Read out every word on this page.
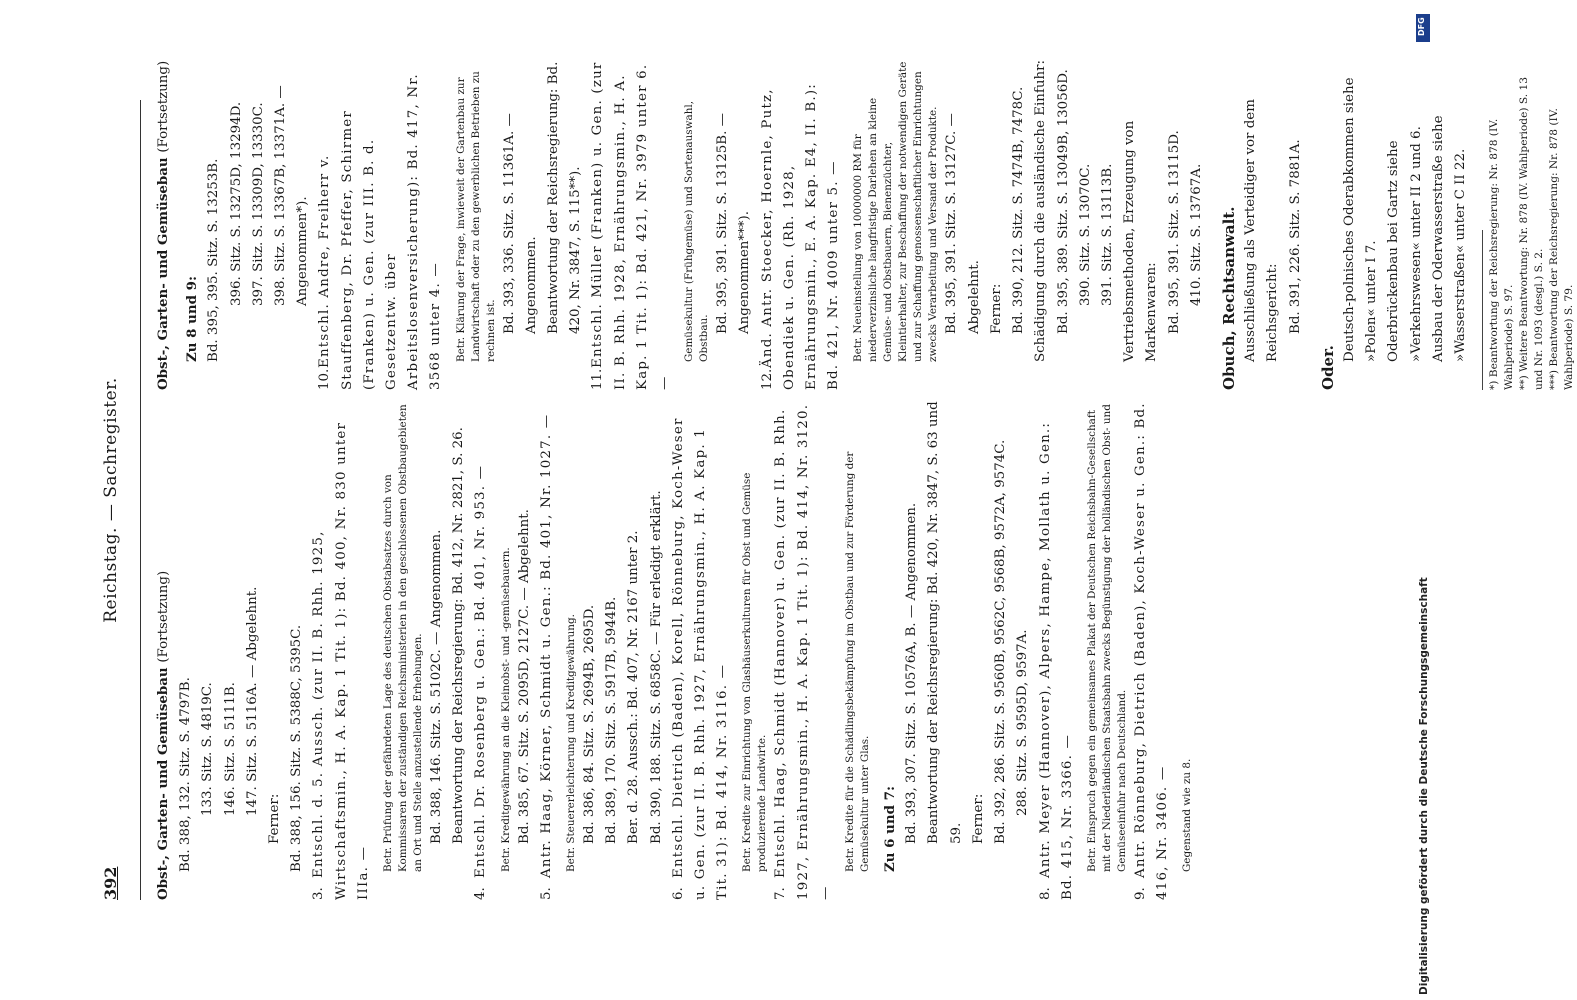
392
Reichstag. — Sachregister.
Obst-, Garten- und Gemüsebau (Fortsetzung)
Bd. 388, 132. Sitz. S. 4797B. 133. Sitz. S. 4819C. 146. Sitz. S. 5111B. 147. Sitz. S. 5116A. — Abgelehnt.
Ferner: Bd. 388, 156. Sitz. S. 5388C, 5395C.
3.Entschl. d. 5. Aussch. (zur II. B. Rhh. 1925, Wirtschaftsmin., H. A. Kap. 1 Tit. 1): Bd. 400, Nr. 830 unter IIIa. —
Betr. Prüfung der gefährdeten Lage des deutschen Obstabsatzes durch von Kommissaren der zuständigen Reichsministerien in den geschlossenen Obstbaugebieten an Ort und Stelle anzustellende Erhebungen. Bd. 388, 146. Sitz. S. 5102C. — Angenommen. Beantwortung der Reichsregierung: Bd. 412, Nr. 2821, S. 26.
4.Entschl. Dr. Rosenberg u. Gen.: Bd. 401, Nr. 953. —	Betr. Kreditgewährung an die Kleinobst- und -gemüsebauern. Bd. 385, 67. Sitz. S. 2095D, 2127C. — Abgelehnt.
5.Antr. Haag, Körner, Schmidt u. Gen.: Bd. 401, Nr. 1027. —	Betr. Steuererleichterung und Kreditgewährung. Bd. 386, 84. Sitz. S. 2694B, 2695D. Bd. 389, 170. Sitz. S. 5917B, 5944B. Ber. d. 28. Aussch.: Bd. 407, Nr. 2167 unter 2. Bd. 390, 188. Sitz. S. 6858C. — Für erledigt erklärt.
6.Entschl. Dietrich (Baden), Korell, Rönneburg, Koch-Weser u. Gen. (zur II. B. Rhh. 1927, Ernährungsmin., H. A. Kap. 1 Tit. 31): Bd. 414, Nr. 3116. —	Betr. Kredite zur Einrichtung von Glashäuserkulturen für Obst und Gemüse produzierende Landwirte.
7.Entschl. Haag, Schmidt (Hannover) u. Gen. (zur II. B. Rhh. 1927, Ernährungsmin., H. A. Kap. 1 Tit. 1): Bd. 414, Nr. 3120. —
Betr. Kredite für die Schädlingsbekämpfung im Obstbau und zur Förderung der Gemüsekultur unter Glas. Zu 6 und 7: Bd. 393, 307. Sitz. S. 10576A, B. — Angenommen. Beantwortung der Reichsregierung: Bd. 420, Nr. 3847, S. 63 und 59. Ferner: Bd. 392, 286. Sitz. S. 9560B, 9562C, 9568B, 9572A, 9574C. 288. Sitz. S. 9595D, 9597A.
8.Antr. Meyer (Hannover), Alpers, Hampe, Mollath u. Gen.: Bd. 415, Nr. 3366. —	Betr. Einspruch gegen ein gemeinsames Plakat der Deutschen Reichsbahn-Gesellschaft mit der Niederländischen Staatsbahn zwecks Begünstigung der holländischen Obst- und Gemüseeinfuhr nach Deutschland.
9.Antr. Rönneburg, Dietrich (Baden), Koch-Weser u. Gen.: Bd. 416, Nr. 3406. —	Gegenstand wie zu 8.
Obst-, Garten- und Gemüsebau (Fortsetzung)
Zu 8 und 9: Bd. 395, 395. Sitz. S. 13253B. 396. Sitz. S. 13275D, 13294D. 397. Sitz. S. 13309D, 13330C. 398. Sitz. S. 13367B, 13371A. — Angenommen*).
10.Entschl. Andre, Freiherr v. Stauffenberg, Dr. Pfeffer, Schirmer (Franken) u. Gen. (zur III. B. d. Gesetzentw. über Arbeitslosenversicherung): Bd. 417, Nr. 3568 unter 4. —	Betr. Klärung der Frage, inwieweit der Gartenbau zur Landwirtschaft oder zu den gewerblichen Betrieben zu rechnen ist. Bd. 393, 336. Sitz. S. 11361A. — Angenommen. Beantwortung der Reichsregierung: Bd. 420, Nr. 3847, S. 115**).
11.Entschl. Müller (Franken) u. Gen. (zur II. B. Rhh. 1928, Ernährungsmin., H. A. Kap. 1 Tit. 1): Bd. 421, Nr. 3979 unter 6. —
Gemüsekultur (Frühgemüse) und Sortenauswahl, Obstbau.
Bd. 395, 391. Sitz. S. 13125B. — Angenommen***).
12.Änd. Antr. Stoecker, Hoernle, Putz, Obendiek u. Gen. (Rh. 1928, Ernährungsmin., E. A. Kap. E4, II. B.): Bd. 421, Nr. 4009 unter 5. —	Betr. Neueinstellung von 10000000 RM für niederverzinsliche langfristige Darlehen an kleine Gemüse- und Obstbauern, Bienenzüchter, Kleintierhalter, zur Beschaffung der notwendigen Geräte und zur Schaffung genossenschaftlicher Einrichtungen zwecks Verarbeitung und Versand der Produkte. Bd. 395, 391. Sitz. S. 13127C. — Abgelehnt. Ferner: Bd. 390, 212. Sitz. S. 7474B, 7478C. Schädigung durch die ausländische Einfuhr: Bd. 395, 389. Sitz. S. 13049B, 13056D. 390. Sitz. S. 13070C. 391. Sitz. S. 13113B. Vertriebsmethoden, Erzeugung von Markenwaren: Bd. 395, 391. Sitz. S. 13115D. 410. Sitz. S. 13767A. Obuch, Rechtsanwalt. Ausschließung als Verteidiger vor dem Reichsgericht: Bd. 391, 226. Sitz. S. 7881A.
Oder.
Deutsch-polnisches Oderabkommen siehe »Polen« unter I 7. Oderbrückenbau bei Gartz siehe »Verkehrswesen« unter II 2 und 6. Ausbau der Oderwasserstraße siehe »Wasserstraßen« unter C II 22.	*) Beantwortung der Reichsregierung: Nr. 878 (IV. Wahlperiode) S. 97. **) Weitere Beantwortung: Nr. 878 (IV. Wahlperiode) S. 13 und Nr. 1093 (desgl.) S. 2. ***) Beantwortung der Reichsregierung: Nr. 878 (IV. Wahlperiode) S. 79.
Digitalisierung gefördert durch die Deutsche Forschungsgemeinschaft
DFG
